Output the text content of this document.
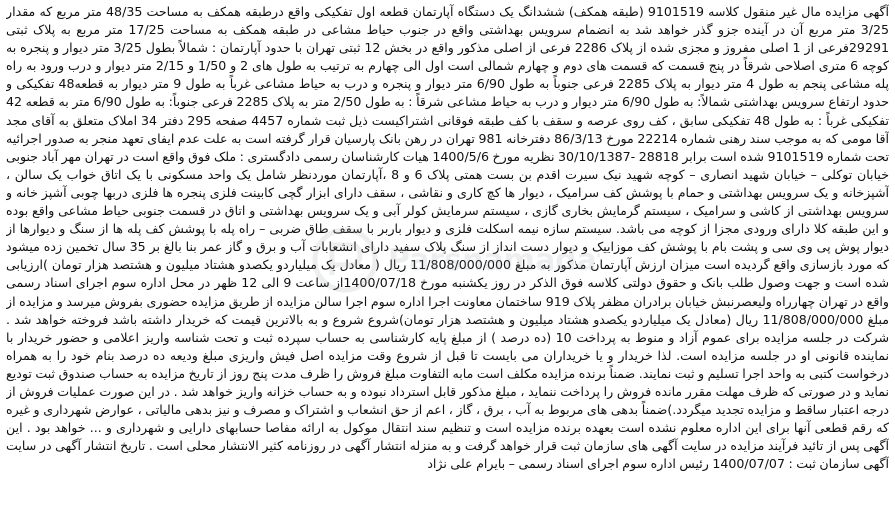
آگهی مزایده مال غیر منقول کلاسه 9101519 (طبقه همکف) ششدانگ یک دستگاه آپارتمان قطعه اول تفکیکی واقع درطبقه همکف به مساحت 48/35 متر مربع که مقدار 3/25 متر مربع آن در آینده جزو گذر خواهد شد به انضمام سرویس بهداشتی واقع در جنوب حیاط مشاعی در طبقه همکف به مساحت 17/25 متر مربع به پلاک ثبتی 29291فرعی از 1 اصلی مفروز و مجزی شده از پلاک 2286 فرعی از اصلی مذکور واقع در بخش 12 ثبتی تهران با حدود آپارتمان : شمالاً بطول 3/25 متر دیوار و پنجره به کوچه 6 متری اصلاحی شرقاً در پنج قسمت که قسمت های دوم و چهارم شمالی است اول الی چهارم به ترتیب به طول های 2 و 1/50 و 2/15 متر دیوار و درب ورود به راه پله مشاعی پنجم به طول 4 متر دیوار به پلاک 2285 فرعی جنوباً به طول 6/90 متر دیوار و پنجره و درب به حیاط مشاعی غرباً به طول 9 متر دیوار به قطعه48 تفکیکی و حدود ارتفاع سرویس بهداشتی شمالاً: به طول 6/90 متر دیوار و درب به حیاط مشاعی شرقاً : به طول 2/50 متر به پلاک 2285 فرعی جنوباً: به طول 6/90 متر به قطعه 42 تفکیکی غرباً : به طول 48 تفکیکی سابق ، کف روی عرصه و سقف با کف طبقه فوقانی اشتراکیست ذیل ثبت شماره 4457 صفحه 295 دفتر 34 املاک متعلق به آقای مجد آقا مومی که به موجب سند رهنی شماره 22214 مورخ 86/3/13 دفترخانه 981 تهران در رهن بانک پارسیان قرار گرفته است به علت عدم ایفای تعهد منجر به صدور اجرائیه تحت شماره 9101519 شده است برابر 28818 -30/10/1387 نظریه مورخ 1400/5/6 هیات کارشناسان رسمی دادگستری : ملک فوق واقع است در تهران مهر آباد جنوبی خیابان توکلی – خیابان شهید انصاری – کوچه شهید نیک سیرت اقدم بن بست همتی پلاک 6 و 8 ،آپارتمان موردنظر شامل یک واحد مسکونی با یک اتاق خواب یک سالن ، آشپزخانه و یک سرویس بهداشتی و حمام با پوشش کف سرامیک ، دیوار ها کچ کاری و نقاشی ، سقف دارای ابزار گچی کابینت فلزی پنجره ها فلزی دربها چوبی آشپز خانه و سرویس بهداشتی از کاشی و سرامیک ، سیستم گرمایش بخاری گازی ، سیستم سرمایش کولر آبی و یک سرویس بهداشتی و اتاق در قسمت جنوبی حیاط مشاعی واقع بوده و این طبقه کلا دارای ورودی مجزا از کوچه می باشد. سیستم سازه نیمه اسکلت فلزی و دیوار باربر با سقف طاق ضربی – راه پله با پوشش کف پله ها از سنگ و دیوارها از دیوار پوش پی وی سی و پشت بام با پوشش کف موزاییک و دیوار دست انداز از سنگ پلاک سفید دارای انشعابات آب و برق و گاز عمر بنا بالغ بر 35 سال تخمین زده میشود که مورد بازسازی واقع گردیده است میزان ارزش آپارتمان مذکور به مبلغ 11/808/000/000 ریال ( معادل یک میلیاردو یکصدو هشتاد میلیون و هشتصد هزار تومان )ارزیابی شده است و جهت وصول طلب بانک و حقوق دولتی کلاسه فوق الذکر در روز یکشنبه مورخ 1400/07/18از ساعت 9 الی 12 ظهر در محل اداره سوم اجرای اسناد رسمی واقع در تهران چهارراه ولیعصرنبش خیابان برادران مظفر پلاک 919 ساختمان معاونت اجرا اداره سوم اجرا سالن مزایده از طریق مزایده حضوری بفروش میرسد و مزایده از مبلغ 11/808/000/000 ریال (معادل یک میلیاردو یکصدو هشتاد میلیون و هشتصد هزار تومان)شروع شروع و به بالاترین قیمت که خریدار داشته باشد فروخته خواهد شد . شرکت در جلسه مزایده برای عموم آزاد و منوط به پرداخت 10 (ده درصد ) از مبلغ پایه کارشناسی به حساب سپرده ثبت و تحت شناسه واریز اعلامی و حضور خریدار با نماینده قانونی او در جلسه مزایده است. لذا خریدار و یا خریداران می بایست تا قبل از شروع وقت مزایده اصل فیش واریزی مبلغ ودیعه ده درصد بنام خود را به همراه درخواست کتبی به واحد اجرا تسلیم و ثبت نمایند. ضمناً برنده مزایده مکلف است مابه التفاوت مبلغ فروش را ظرف مدت پنج روز از تاریخ مزایده به حساب صندوق ثبت تودیع نماید و در صورتی که ظرف مهلت مقرر مانده فروش را پرداخت ننماید ، مبلغ مذکور قابل استرداد نبوده و به حساب خزانه واریز خواهد شد . در این صورت عملیات فروش از درجه اعتبار ساقط و مزایده تجدید میگردد.)ضمناً بدهی های مربوط به آب ، برق ، گاز ، اعم از حق انشعاب و اشتراک و مصرف و نیز بدهی مالیاتی ، عوارض شهرداری و غیره که رقم قطعی آنها برای این اداره معلوم نشده است بعهده برنده مزایده است و تنظیم سند انتقال موکول به ارائه مفاصا حسابهای دارایی و شهرداری و ... خواهد بود . این آگهی پس از تائید فرآیند مزایده در سایت آگهی های سازمان ثبت قرار خواهد گرفت و به منزله انتشار آگهی در روزنامه کثیر الانتشار محلی است . تاریخ انتشار آگهی در سایت آگهی سازمان ثبت : 1400/07/07 رئیس اداره سوم اجرای اسناد رسمی – بایرام علی نژاد

Parsnamada
